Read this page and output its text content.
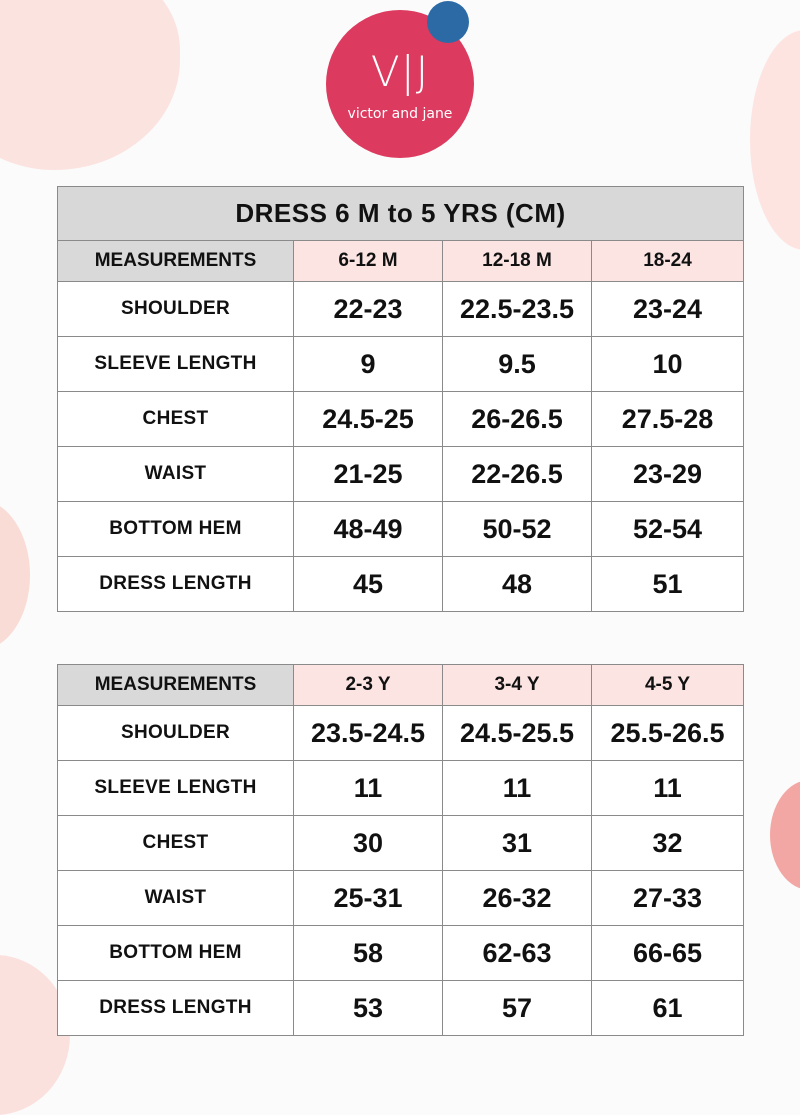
V|J
victor and jane
DRESS 6 M to 5 YRS (CM)			
MEASUREMENTS	6-12 M	12-18 M	18-24
SHOULDER	22-23	22.5-23.5	23-24
SLEEVE LENGTH	9	9.5	10
CHEST	24.5-25	26-26.5	27.5-28
WAIST	21-25	22-26.5	23-29
BOTTOM HEM	48-49	50-52	52-54
DRESS LENGTH	45	48	51
MEASUREMENTS	2-3 Y	3-4 Y	4-5 Y
SHOULDER	23.5-24.5	24.5-25.5	25.5-26.5
SLEEVE LENGTH	11	11	11
CHEST	30	31	32
WAIST	25-31	26-32	27-33
BOTTOM HEM	58	62-63	66-65
DRESS LENGTH	53	57	61
